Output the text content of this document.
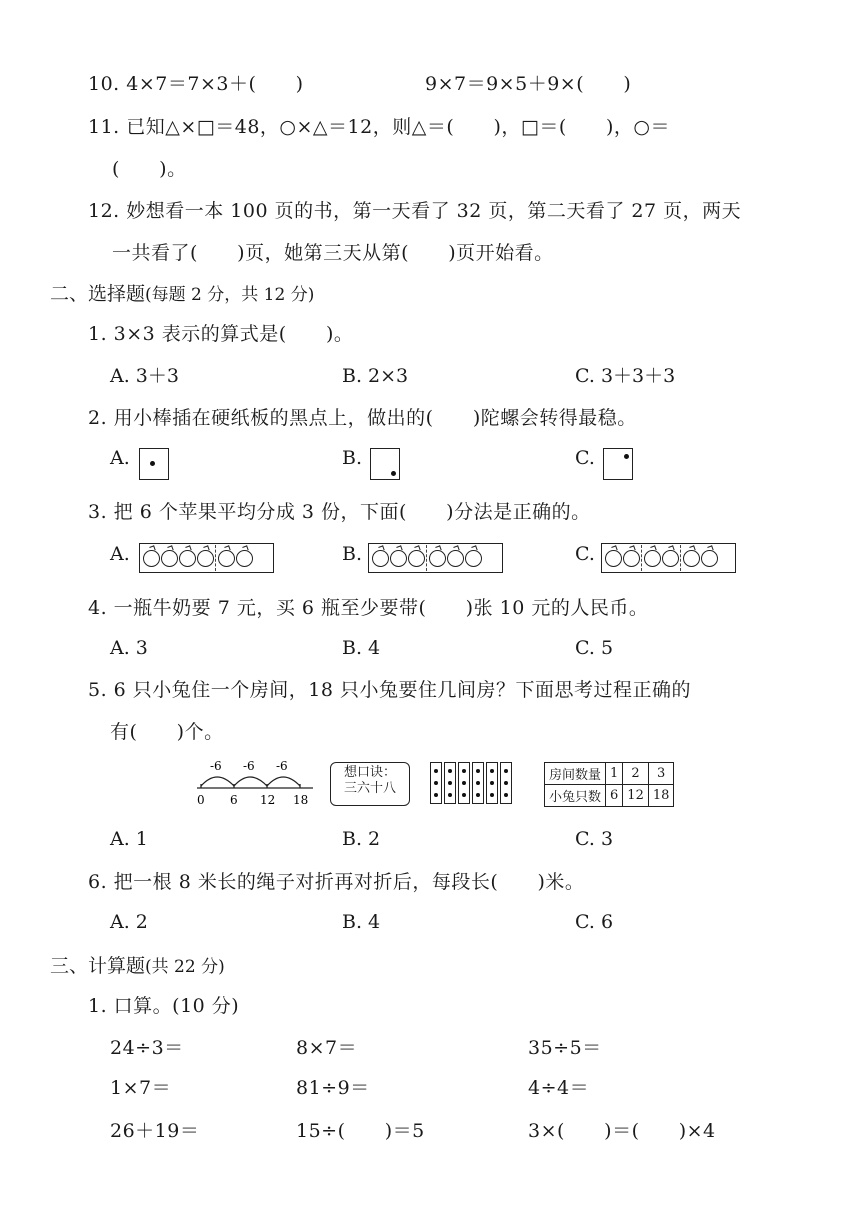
10. 4×7＝7×3＋(      )	9×7＝9×5＋9×(      )
11. 已知△×□＝48，○×△＝12，则△＝(      )，□＝(      )，○＝
(      )。
12. 妙想看一本 100 页的书，第一天看了 32 页，第二天看了 27 页，两天
一共看了(      )页，她第三天从第(      )页开始看。
二、选择题(每题 2 分，共 12 分)
1. 3×3 表示的算式是(      )。
A. 3＋3	B. 2×3	C. 3＋3＋3
2. 用小棒插在硬纸板的黑点上，做出的(      )陀螺会转得最稳。
A.	B.	C.
3. 把 6 个苹果平均分成 3 份，下面(      )分法是正确的。
A.	B.	C.
4. 一瓶牛奶要 7 元，买 6 瓶至少要带(      )张 10 元的人民币。
A. 3	B. 4	C. 5
5. 6 只小兔住一个房间，18 只小兔要住几间房？下面思考过程正确的
有(      )个。
-6 -6 -6
0 6 12 18
想口诀：
三六十八
房间数量	1	2	3
小兔只数	6	12	18
A. 1	B. 2	C. 3
6. 把一根 8 米长的绳子对折再对折后，每段长(      )米。
A. 2	B. 4	C. 6
三、计算题(共 22 分)
1. 口算。(10 分)
24÷3＝	8×7＝	35÷5＝
1×7＝	81÷9＝	4÷4＝
26＋19＝	15÷(      )＝5	3×(      )＝(      )×4
